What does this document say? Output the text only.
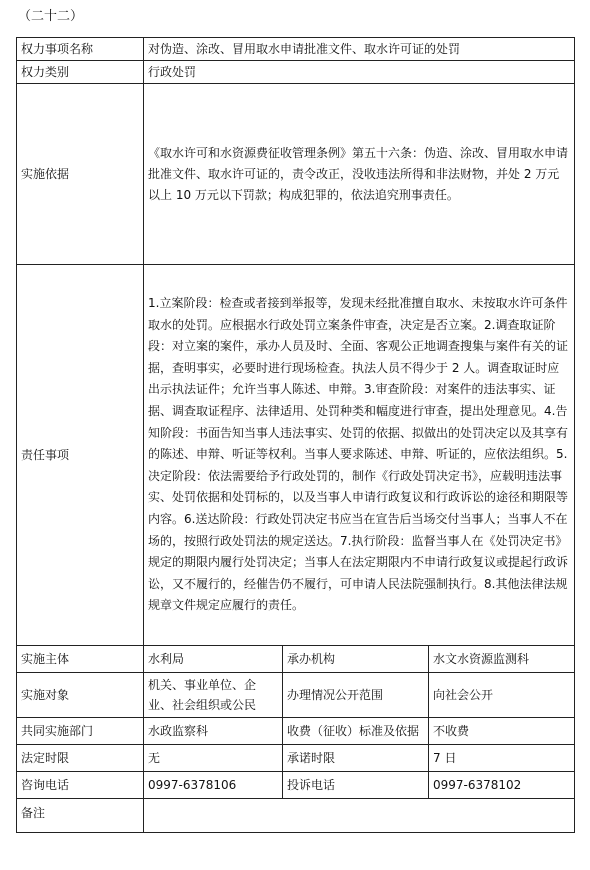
（二十二）
权力事项名称	对伪造、涂改、冒用取水申请批准文件、取水许可证的处罚		
权力类别	行政处罚		
实施依据	《取水许可和水资源费征收管理条例》第五十六条：伪造、涂改、冒用取水申请批准文件、取水许可证的，责令改正，没收违法所得和非法财物，并处 2 万元以上 10 万元以下罚款；构成犯罪的，依法追究刑事责任。		
责任事项	1.立案阶段：检查或者接到举报等，发现未经批准擅自取水、未按取水许可条件取水的处罚。应根据水行政处罚立案条件审查，决定是否立案。2.调查取证阶段：对立案的案件，承办人员及时、全面、客观公正地调查搜集与案件有关的证据，查明事实，必要时进行现场检查。执法人员不得少于 2 人。调查取证时应出示执法证件；允许当事人陈述、申辩。3.审查阶段：对案件的违法事实、证据、调查取证程序、法律适用、处罚种类和幅度进行审查，提出处理意见。4.告知阶段：书面告知当事人违法事实、处罚的依据、拟做出的处罚决定以及其享有的陈述、申辩、听证等权利。当事人要求陈述、申辩、听证的，应依法组织。5.决定阶段：依法需要给予行政处罚的，制作《行政处罚决定书》，应载明违法事实、处罚依据和处罚标的，以及当事人申请行政复议和行政诉讼的途径和期限等内容。6.送达阶段：行政处罚决定书应当在宣告后当场交付当事人；当事人不在场的，按照行政处罚法的规定送达。7.执行阶段：监督当事人在《处罚决定书》规定的期限内履行处罚决定；当事人在法定期限内不申请行政复议或提起行政诉讼，又不履行的，经催告仍不履行，可申请人民法院强制执行。8.其他法律法规规章文件规定应履行的责任。		
实施主体	水利局	承办机构	水文水资源监测科
实施对象	机关、事业单位、企业、社会组织或公民	办理情况公开范围	向社会公开
共同实施部门	水政监察科	收费（征收）标准及依据	不收费
法定时限	无	承诺时限	7 日
咨询电话	0997-6378106	投诉电话	0997-6378102
备注			
